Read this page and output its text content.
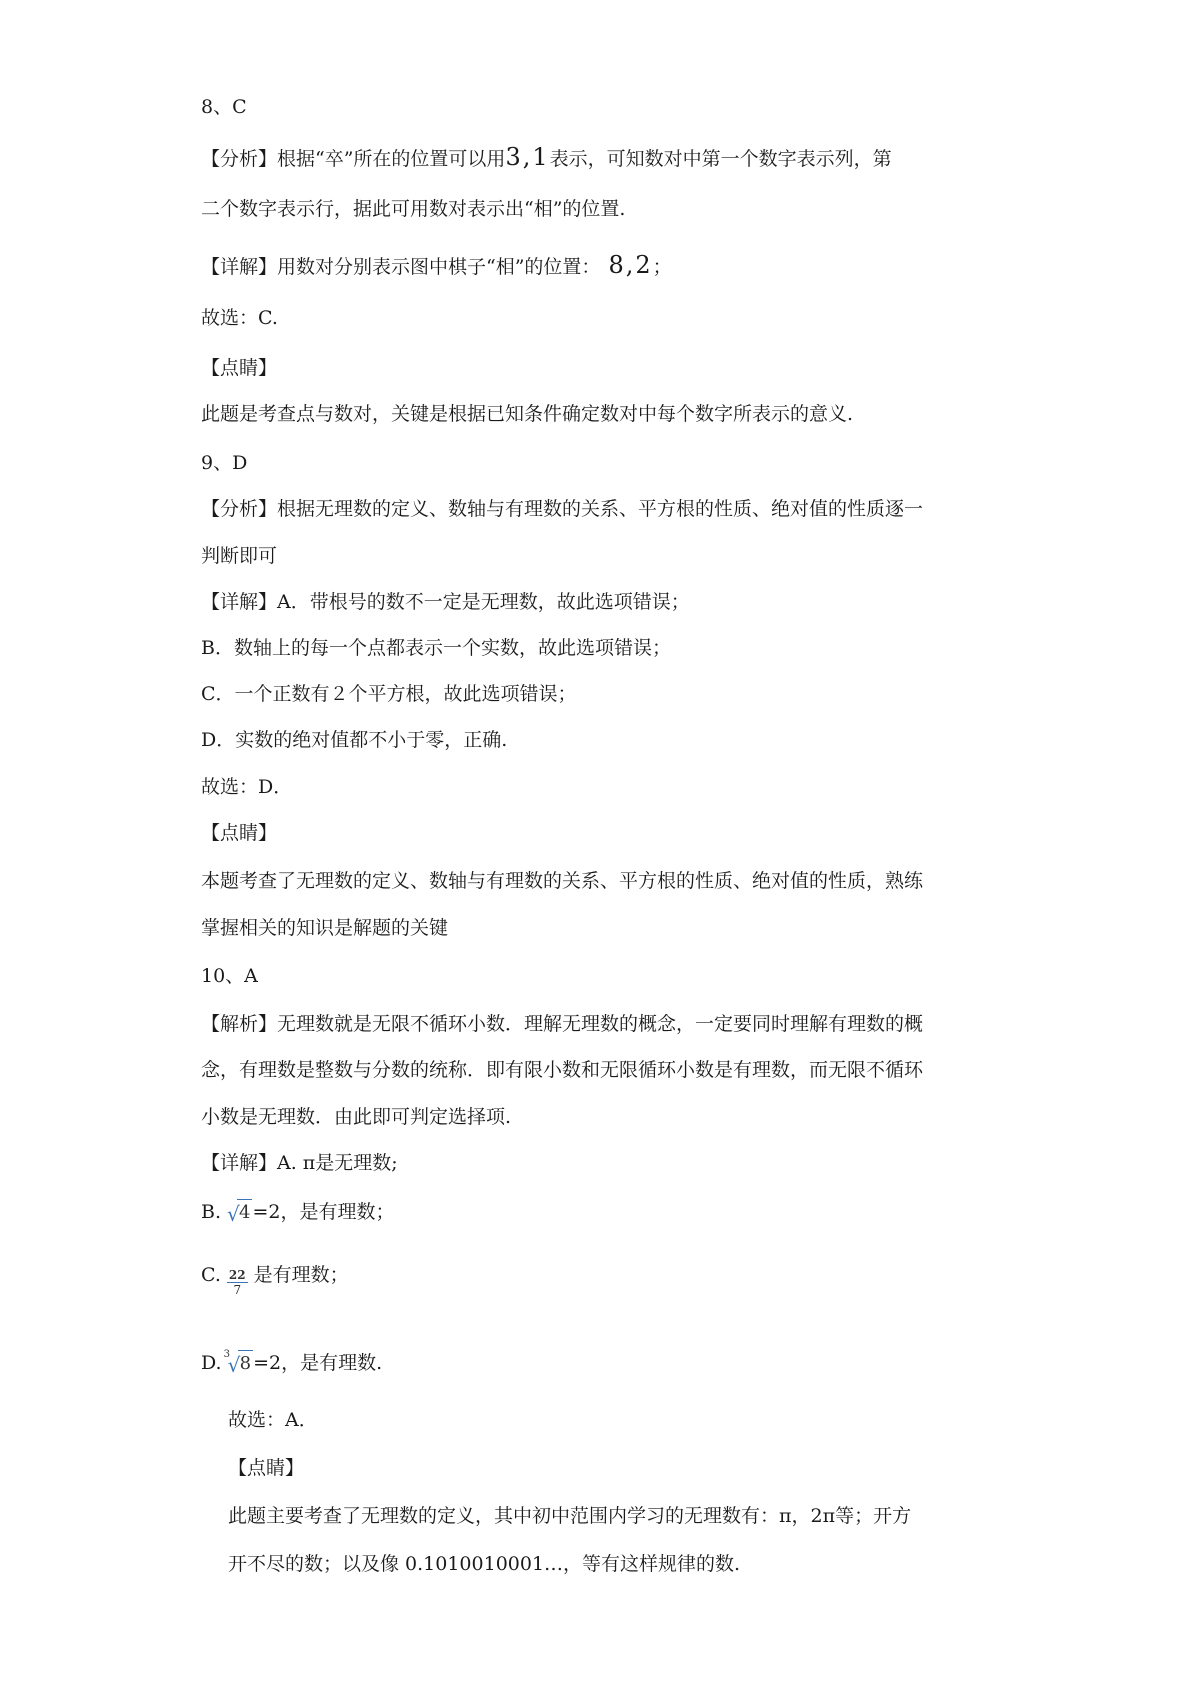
8、C
【分析】根据“卒”所在的位置可以用3,1表示，可知数对中第一个数字表示列，第
二个数字表示行，据此可用数对表示出“相”的位置.
【详解】用数对分别表示图中棋子“相”的位置： 8,2；
故选：C.
【点睛】
此题是考查点与数对，关键是根据已知条件确定数对中每个数字所表示的意义.
9、D
【分析】根据无理数的定义、数轴与有理数的关系、平方根的性质、绝对值的性质逐一
判断即可
【详解】A．带根号的数不一定是无理数，故此选项错误；
B．数轴上的每一个点都表示一个实数，故此选项错误；
C．一个正数有２个平方根，故此选项错误；
D．实数的绝对值都不小于零，正确.
故选：D．
【点睛】
本题考查了无理数的定义、数轴与有理数的关系、平方根的性质、绝对值的性质，熟练
掌握相关的知识是解题的关键
10、A
【解析】无理数就是无限不循环小数．理解无理数的概念，一定要同时理解有理数的概
念，有理数是整数与分数的统称．即有限小数和无限循环小数是有理数，而无限不循环
小数是无理数．由此即可判定选择项.
【详解】A. π是无理数;
B. √ 4 =2，是有理数；
C. $\frac{22}{7}$ 是有理数；
D. 3
√ 8 =2，是有理数.
故选：A．
【点睛】
此题主要考查了无理数的定义，其中初中范围内学习的无理数有：π，2π等；开方
开不尽的数；以及像 0.1010010001…，等有这样规律的数.
